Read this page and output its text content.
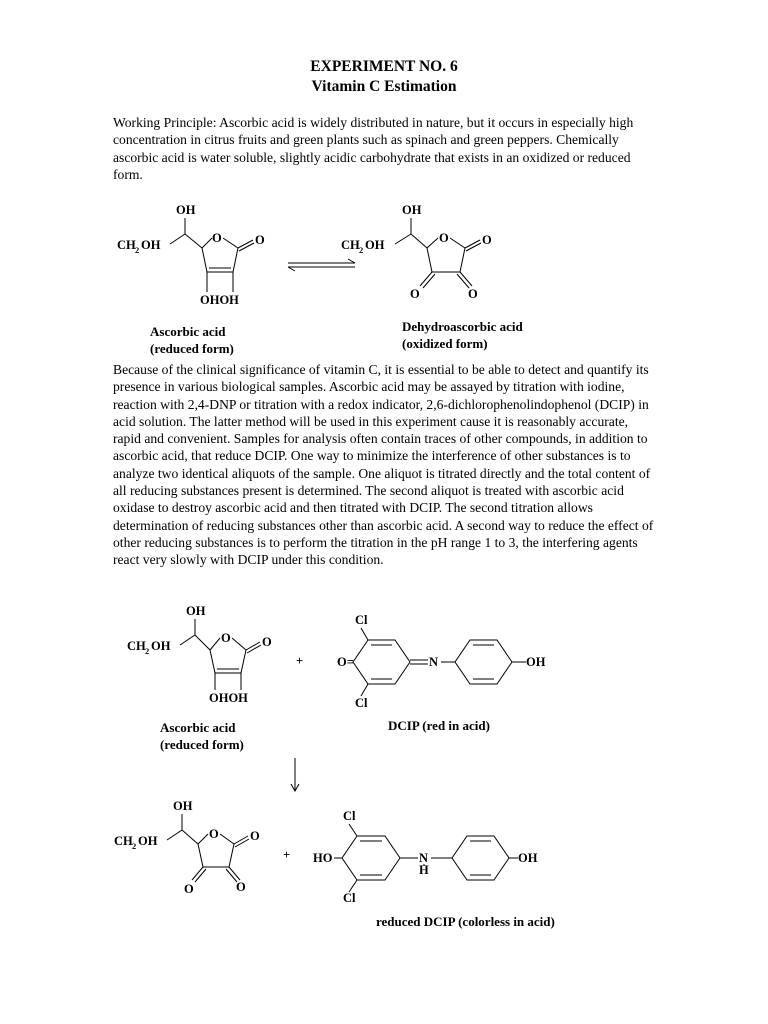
EXPERIMENT NO. 6
Vitamin C Estimation

Working Principle: Ascorbic acid is widely distributed in nature, but it occurs in especially high concentration in citrus fruits and green plants such as spinach and green peppers. Chemically ascorbic acid is water soluble, slightly acidic carbohydrate that exists in an oxidized or reduced form.

OH
CH 2 OH	O	O
OHOH
OH
CH 2 OH	O	O
O	O
Ascorbic acid
(reduced form)
Dehydroascorbic acid
(oxidized form)

Because of the clinical significance of vitamin C, it is essential to be able to detect and quantify its presence in various biological samples. Ascorbic acid may be assayed by titration with iodine, reaction with 2,4-DNP or titration with a redox indicator, 2,6-dichlorophenolindophenol (DCIP) in acid solution. The latter method will be used in this experiment cause it is reasonably accurate, rapid and convenient. Samples for analysis often contain traces of other compounds, in addition to ascorbic acid, that reduce DCIP. One way to minimize the interference of other substances is to analyze two identical aliquots of the sample. One aliquot is titrated directly and the total content of all reducing substances present is determined. The second aliquot is treated with ascorbic acid oxidase to destroy ascorbic acid and then titrated with DCIP. The second titration allows determination of reducing substances other than ascorbic acid. A second way to reduce the effect of other reducing substances is to perform the titration in the pH range 1 to 3, the interfering agents react very slowly with DCIP under this condition.

OH
CH 2 OH
O	O
OHOH
+
Cl
O=
Cl
N	OH
OH
CH 2 OH	O	O
O	O
+
Cl
HO
Cl
N
H
OH
Ascorbic acid
(reduced form)
DCIP (red in acid)
reduced DCIP (colorless in acid)
